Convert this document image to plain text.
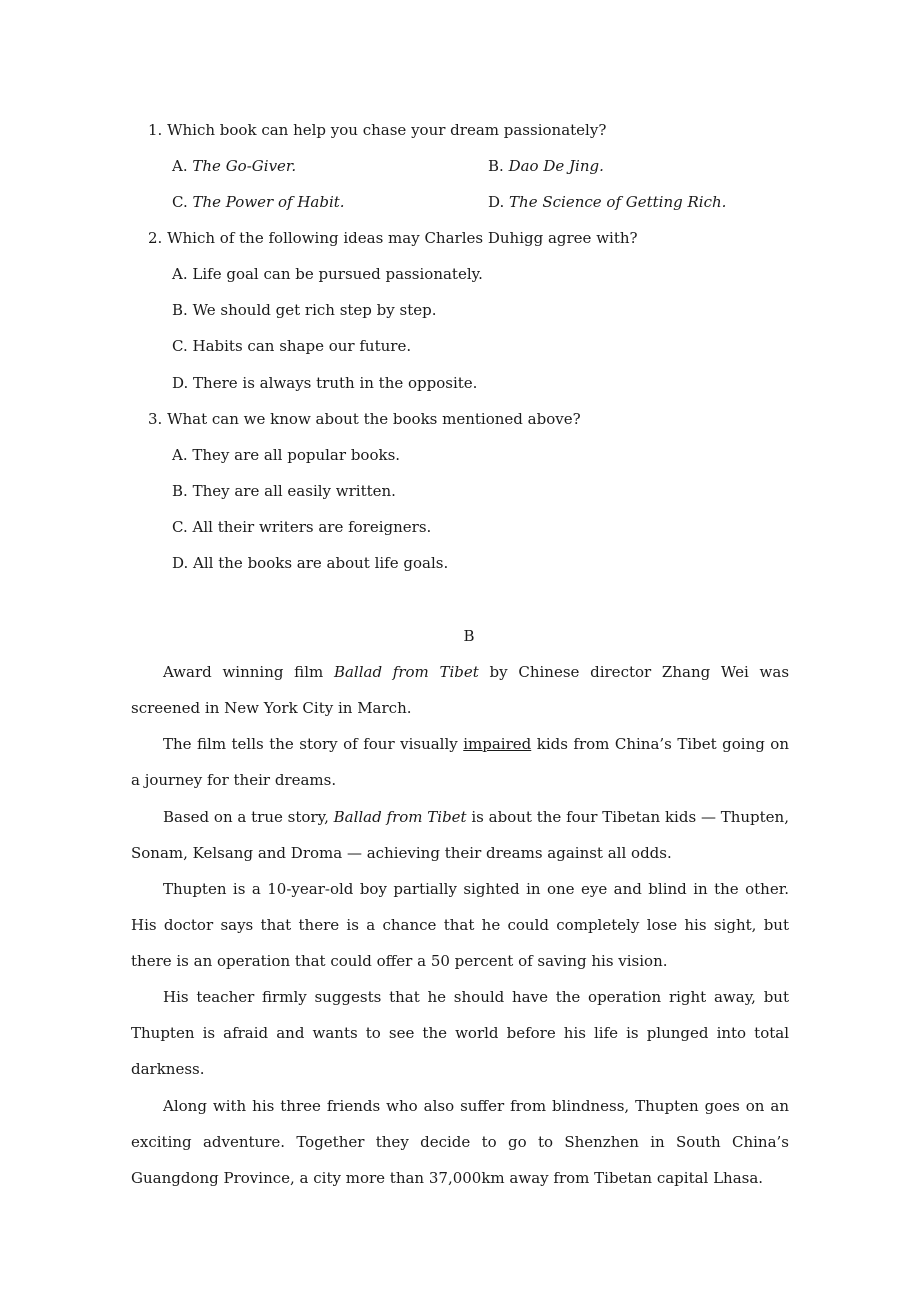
1. Which book can help you chase your dream passionately?
A. The Go-Giver.	B. Dao De Jing.
C. The Power of Habit.	D. The Science of Getting Rich.
2. Which of the following ideas may Charles Duhigg agree with?
A. Life goal can be pursued passionately.
B. We should get rich step by step.
C. Habits can shape our future.
D. There is always truth in the opposite.
3. What can we know about the books mentioned above?
A. They are all popular books.
B. They are all easily written.
C. All their writers are foreigners.
D. All the books are about life goals.
B
Award winning film Ballad from Tibet by Chinese director Zhang Wei was screened in New York City in March.
The film tells the story of four visually impaired kids from China’s Tibet going on a journey for their dreams.
Based on a true story, Ballad from Tibet is about the four Tibetan kids — Thupten, Sonam, Kelsang and Droma — achieving their dreams against all odds.
Thupten is a 10-year-old boy partially sighted in one eye and blind in the other. His doctor says that there is a chance that he could completely lose his sight, but there is an operation that could offer a 50 percent of saving his vision.
His teacher firmly suggests that he should have the operation right away, but Thupten is afraid and wants to see the world before his life is plunged into total darkness.
Along with his three friends who also suffer from blindness, Thupten goes on an exciting adventure. Together they decide to go to Shenzhen in South China’s Guangdong Province, a city more than 37,000km away from Tibetan capital Lhasa.
